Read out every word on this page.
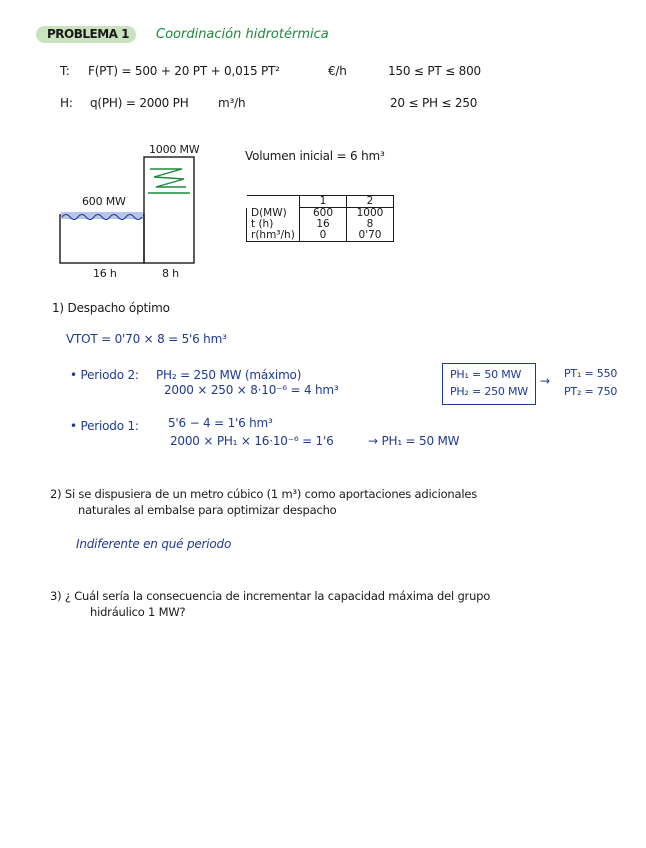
PROBLEMA 1 Coordinación hidrotérmica
T: F(PT) = 500 + 20 PT + 0,015 PT²	€/h	150 ≤ PT ≤ 800
H: q(PH) = 2000 PH m³/h	20 ≤ PH ≤ 250
1000 MW
600 MW
16 h	8 h
Volumen inicial = 6 hm³
	1	2
D(MW)	600	1000
t (h)	16	8
r(hm³/h)	0	0'70
1) Despacho óptimo
VTOT = 0'70 × 8 = 5'6 hm³
• Periodo 2: PH₂ = 250 MW (máximo)
2000 × 250 × 8·10⁻⁶ = 4 hm³
PH₁ = 50 MW
PH₂ = 250 MW
→
PT₁ = 550
PT₂ = 750
• Periodo 1: 5'6 − 4 = 1'6 hm³
2000 × PH₁ × 16·10⁻⁶ = 1'6	→ PH₁ = 50 MW
2) Si se dispusiera de un metro cúbico (1 m³) como aportaciones adicionales
naturales al embalse para optimizar despacho
Indiferente en qué periodo
3) ¿ Cuál sería la consecuencia de incrementar la capacidad máxima del grupo
hidráulico 1 MW?
